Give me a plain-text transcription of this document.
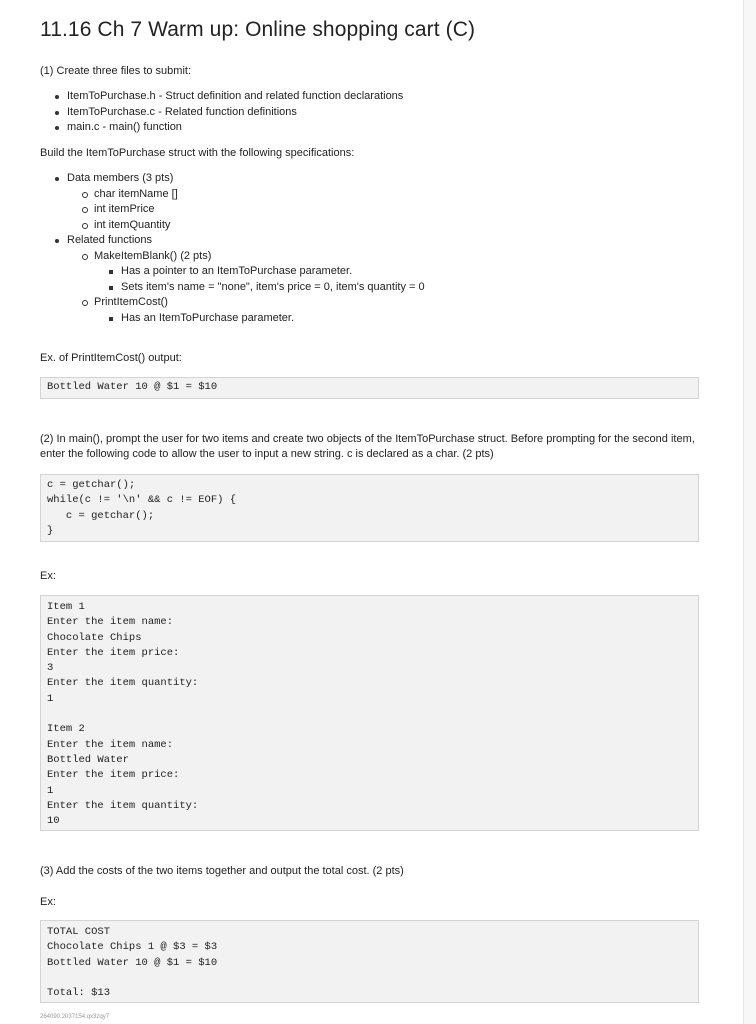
11.16 Ch 7 Warm up: Online shopping cart (C)

(1) Create three files to submit:

ItemToPurchase.h - Struct definition and related function declarations
ItemToPurchase.c - Related function definitions
main.c - main() function

Build the ItemToPurchase struct with the following specifications:

Data members (3 pts)
char itemName []
int itemPrice
int itemQuantity
Related functions
MakeItemBlank() (2 pts)
Has a pointer to an ItemToPurchase parameter.
Sets item's name = "none", item's price = 0, item's quantity = 0
PrintItemCost()
Has an ItemToPurchase parameter.

Ex. of PrintItemCost() output:

Bottled Water 10 @ $1 = $10

(2) In main(), prompt the user for two items and create two objects of the ItemToPurchase struct. Before prompting for the second item, enter the following code to allow the user to input a new string. c is declared as a char. (2 pts)

c = getchar();
while(c != '\n' && c != EOF) {
c = getchar();
}

Ex:

Item 1
Enter the item name:
Chocolate Chips
Enter the item price:
3
Enter the item quantity:
1
Item 2
Enter the item name:
Bottled Water
Enter the item price:
1
Enter the item quantity:
10

(3) Add the costs of the two items together and output the total cost. (2 pts)

Ex:

TOTAL COST
Chocolate Chips 1 @ $3 = $3
Bottled Water 10 @ $1 = $10
Total: $13
264090.2037154.qx3zqy7
